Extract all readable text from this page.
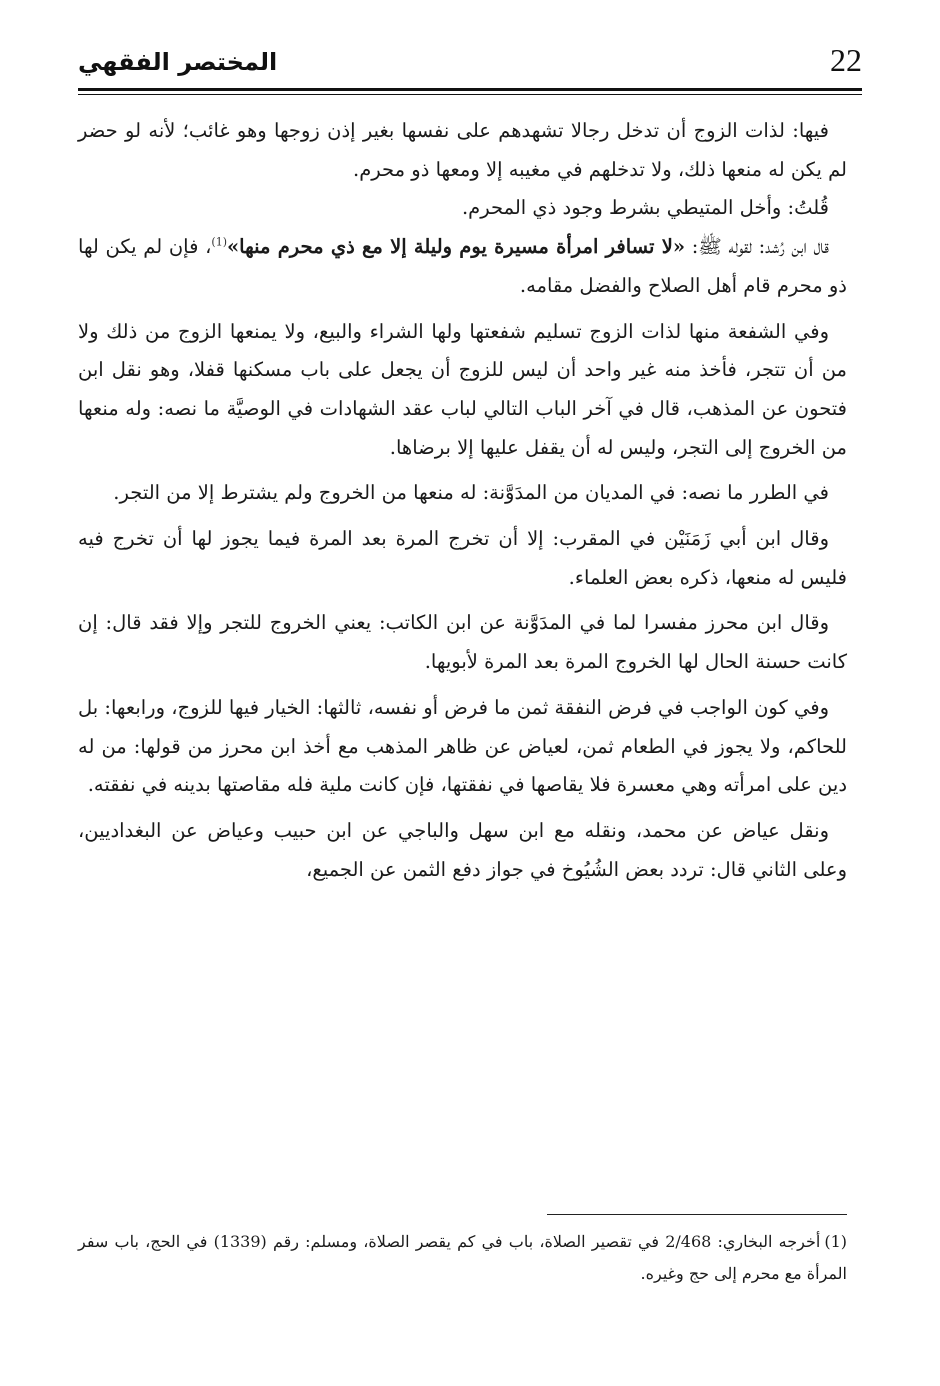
22
المختصر الفقهي

فيها: لذات الزوج أن تدخل رجالا تشهدهم على نفسها بغير إذن زوجها وهو غائب؛ لأنه لو حضر لم يكن له منعها ذلك، ولا تدخلهم في مغيبه إلا ومعها ذو محرم.

قُلتُ: وأخل المتيطي بشرط وجود ذي المحرم.

قال ابن رُشد: لقوله ﷺ: «لا تسافر امرأة مسيرة يوم وليلة إلا مع ذي محرم منها»$^{(1)}$، فإن لم يكن لها ذو محرم قام أهل الصلاح والفضل مقامه.

وفي الشفعة منها لذات الزوج تسليم شفعتها ولها الشراء والبيع، ولا يمنعها الزوج من ذلك ولا من أن تتجر، فأخذ منه غير واحد أن ليس للزوج أن يجعل على باب مسكنها قفلا، وهو نقل ابن فتحون عن المذهب، قال في آخر الباب التالي لباب عقد الشهادات في الوصيَّة ما نصه: وله منعها من الخروج إلى التجر، وليس له أن يقفل عليها إلا برضاها.

في الطرر ما نصه: في المديان من المدَوَّنة: له منعها من الخروج ولم يشترط إلا من التجر.

وقال ابن أبي زَمَنَيْن في المقرب: إلا أن تخرج المرة بعد المرة فيما يجوز لها أن تخرج فيه فليس له منعها، ذكره بعض العلماء.

وقال ابن محرز مفسرا لما في المدَوَّنة عن ابن الكاتب: يعني الخروج للتجر وإلا فقد قال: إن كانت حسنة الحال لها الخروج المرة بعد المرة لأبويها.

وفي كون الواجب في فرض النفقة ثمن ما فرض أو نفسه، ثالثها: الخيار فيها للزوج، ورابعها: بل للحاكم، ولا يجوز في الطعام ثمن، لعياض عن ظاهر المذهب مع أخذ ابن محرز من قولها: من له دين على امرأته وهي معسرة فلا يقاصها في نفقتها، فإن كانت ملية فله مقاصتها بدينه في نفقته.

ونقل عياض عن محمد، ونقله مع ابن سهل والباجي عن ابن حبيب وعياض عن البغداديين، وعلى الثاني قال: تردد بعض الشُيُوخ في جواز دفع الثمن عن الجميع،

(1)أخرجه البخاري: 2/468 في تقصير الصلاة، باب في كم يقصر الصلاة، ومسلم: رقم (1339) في الحج، باب سفر المرأة مع محرم إلى حج وغيره.
